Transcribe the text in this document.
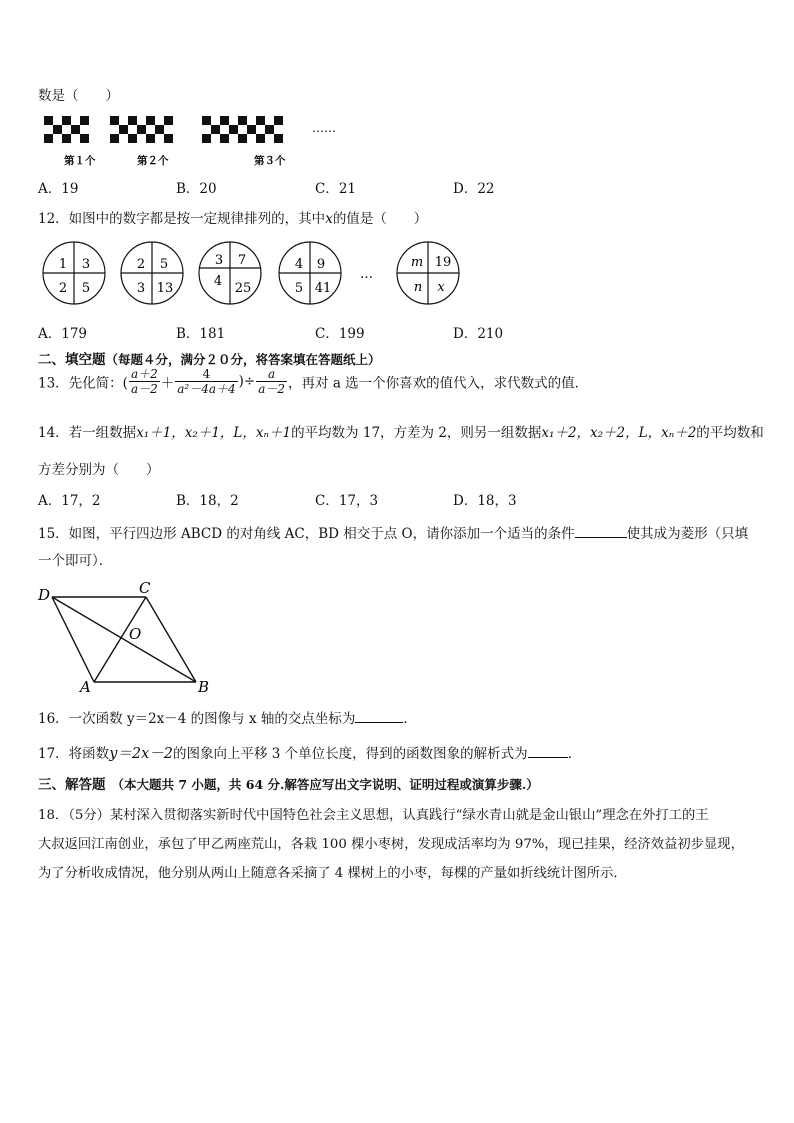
数是（　　）
……
第１个	第２个	第３个
A．19	B．20	C．21	D．22
12．如图中的数字都是按一定规律排列的，其中x的值是（　　）
1 3
2 5
2 5
3 13
3 7
4 25
4 9
5 41
m 19
n x
…
A．179	B．181	C．199	D．210
二、填空题（每题４分，满分２０分，将答案填在答题纸上）
13．先化简：( $\frac{a+2}{a-2} + \frac{4}{\text{a²－4a＋4}}$ )÷ $\frac{a}{a-2}$ ，再对 a 选一个你喜欢的值代入，求代数式的值．
14．若一组数据x₁＋1，x₂＋1，L，xₙ＋1的平均数为 17，方差为 2，则另一组数据x₁＋2，x₂＋2，L，xₙ＋2的平均数和
方差分别为（　　）
A．17，2	B．18，2	C．17，3	D．18，3
15．如图，平行四边形 ABCD 的对角线 AC，BD 相交于点 O，请你添加一个适当的条件	使其成为菱形（只填
一个即可）．
D	C
O
A	B
16．一次函数 y＝2x－4 的图像与 x 轴的交点坐标为	．
17．将函数y＝2x－2的图象向上平移 3 个单位长度，得到的函数图象的解析式为	．
三、解答题 （本大题共 7 小题，共 64 分.解答应写出文字说明、证明过程或演算步骤.）
18．（5分）某村深入贯彻落实新时代中国特色社会主义思想，认真践行“绿水青山就是金山银山”理念在外打工的王
大叔返回江南创业，承包了甲乙两座荒山，各栽 100 棵小枣树，发现成活率均为 97%，现已挂果，经济效益初步显现，
为了分析收成情况，他分别从两山上随意各采摘了 4 棵树上的小枣，每棵的产量如折线统计图所示．
